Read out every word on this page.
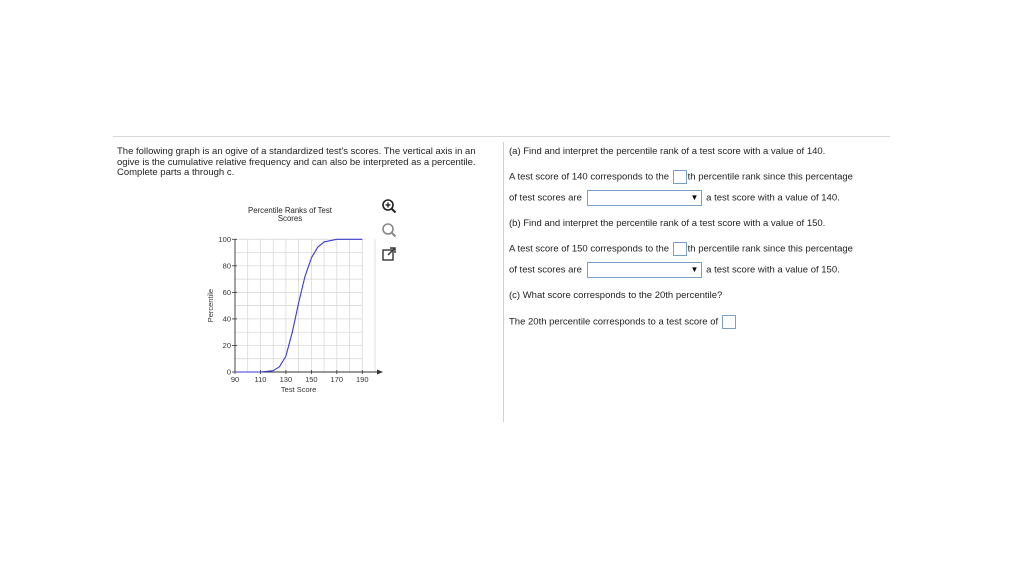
The following graph is an ogive of a standardized test's scores. The vertical axis in an ogive is the cumulative relative frequency and can also be interpreted as a percentile. Complete parts a through c.
90 110 130 150 170 190
0
20
40
60
80
100
Percentile Ranks of Test
Scores
Test Score
Percentile
(a) Find and interpret the percentile rank of a test score with a value of 140.
A test score of 140 corresponds to the th percentile rank since this percentage
of test scores are	▼ a test score with a value of 140.
(b) Find and interpret the percentile rank of a test score with a value of 150.
A test score of 150 corresponds to the th percentile rank since this percentage
of test scores are	▼ a test score with a value of 150.
(c) What score corresponds to the 20th percentile?
The 20th percentile corresponds to a test score of
